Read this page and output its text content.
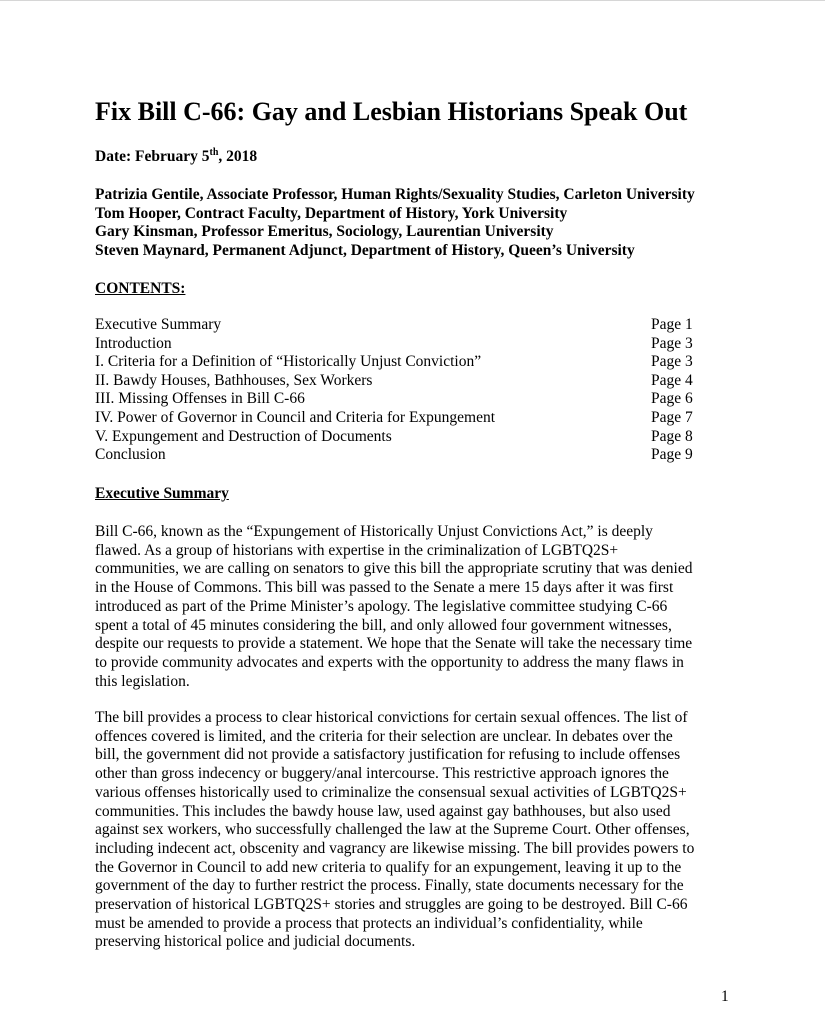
Fix Bill C-66: Gay and Lesbian Historians Speak Out
Date: February 5th, 2018
Patrizia Gentile, Associate Professor, Human Rights/Sexuality Studies, Carleton University
Tom Hooper, Contract Faculty, Department of History, York University
Gary Kinsman, Professor Emeritus, Sociology, Laurentian University
Steven Maynard, Permanent Adjunct, Department of History, Queen’s University
CONTENTS:
Executive Summary	Page 1
Introduction	Page 3
I. Criteria for a Definition of “Historically Unjust Conviction”	Page 3
II. Bawdy Houses, Bathhouses, Sex Workers	Page 4
III. Missing Offenses in Bill C-66	Page 6
IV. Power of Governor in Council and Criteria for Expungement	Page 7
V. Expungement and Destruction of Documents	Page 8
Conclusion	Page 9
Executive Summary
Bill C-66, known as the “Expungement of Historically Unjust Convictions Act,” is deeply
flawed. As a group of historians with expertise in the criminalization of LGBTQ2S+
communities, we are calling on senators to give this bill the appropriate scrutiny that was denied
in the House of Commons. This bill was passed to the Senate a mere 15 days after it was first
introduced as part of the Prime Minister’s apology. The legislative committee studying C-66
spent a total of 45 minutes considering the bill, and only allowed four government witnesses,
despite our requests to provide a statement. We hope that the Senate will take the necessary time
to provide community advocates and experts with the opportunity to address the many flaws in
this legislation.
The bill provides a process to clear historical convictions for certain sexual offences. The list of
offences covered is limited, and the criteria for their selection are unclear. In debates over the
bill, the government did not provide a satisfactory justification for refusing to include offenses
other than gross indecency or buggery/anal intercourse. This restrictive approach ignores the
various offenses historically used to criminalize the consensual sexual activities of LGBTQ2S+
communities. This includes the bawdy house law, used against gay bathhouses, but also used
against sex workers, who successfully challenged the law at the Supreme Court. Other offenses,
including indecent act, obscenity and vagrancy are likewise missing. The bill provides powers to
the Governor in Council to add new criteria to qualify for an expungement, leaving it up to the
government of the day to further restrict the process. Finally, state documents necessary for the
preservation of historical LGBTQ2S+ stories and struggles are going to be destroyed. Bill C-66
must be amended to provide a process that protects an individual’s confidentiality, while
preserving historical police and judicial documents.
1
